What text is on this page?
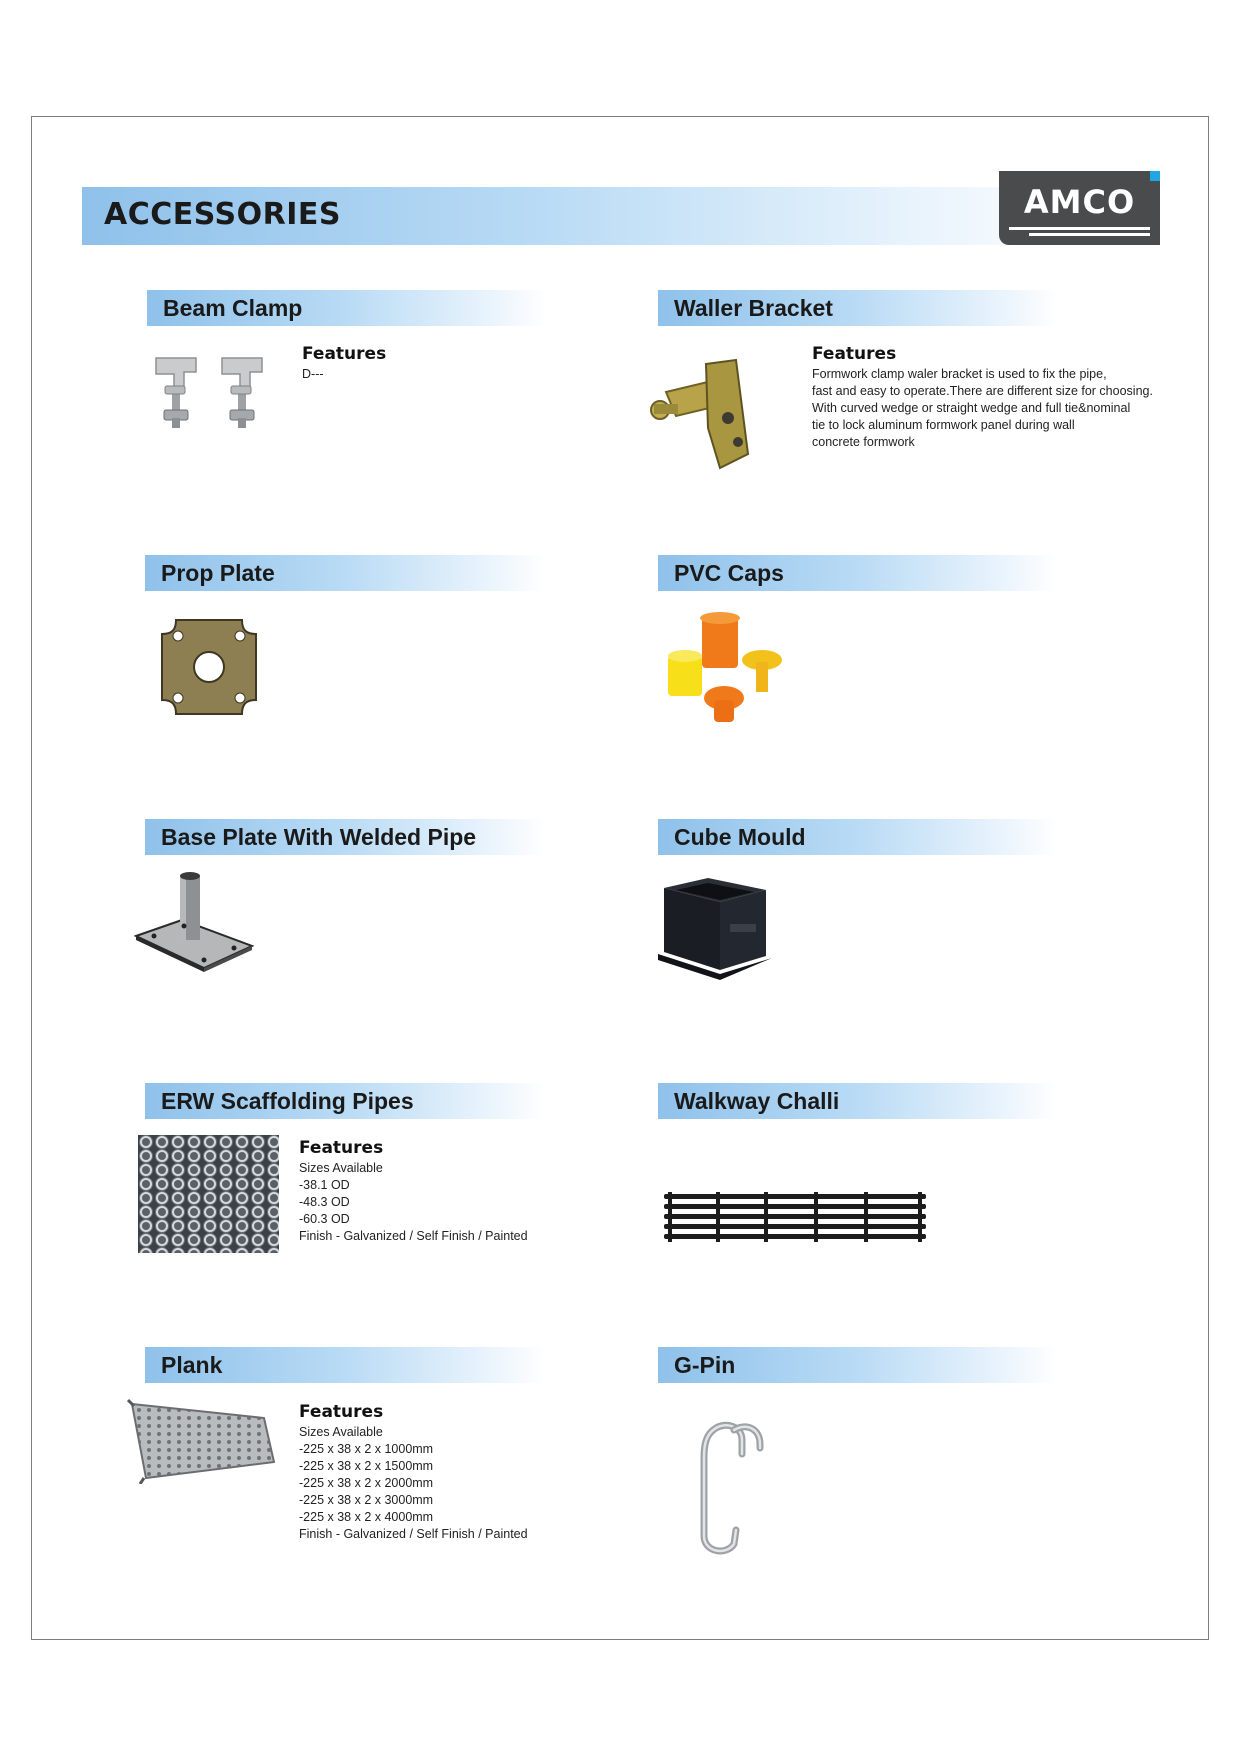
ACCESSORIES	AMCO
Beam Clamp
Features
D---
Waller Bracket
Features
Formwork clamp waler bracket is used to fix the pipe,
fast and easy to operate.There are different size for choosing.
With curved wedge or straight wedge and full tie&nominal
tie to lock aluminum formwork panel during wall
concrete formwork
Prop Plate	PVC Caps
Base Plate With Welded Pipe	Cube Mould
ERW Scaffolding Pipes
Features
Sizes Available
-38.1 OD
-48.3 OD
-60.3 OD
Finish - Galvanized / Self Finish / Painted
Walkway Challi
Plank
Features
Sizes Available
-225 x 38 x 2 x 1000mm
-225 x 38 x 2 x 1500mm
-225 x 38 x 2 x 2000mm
-225 x 38 x 2 x 3000mm
-225 x 38 x 2 x 4000mm
Finish - Galvanized / Self Finish / Painted
G-Pin
